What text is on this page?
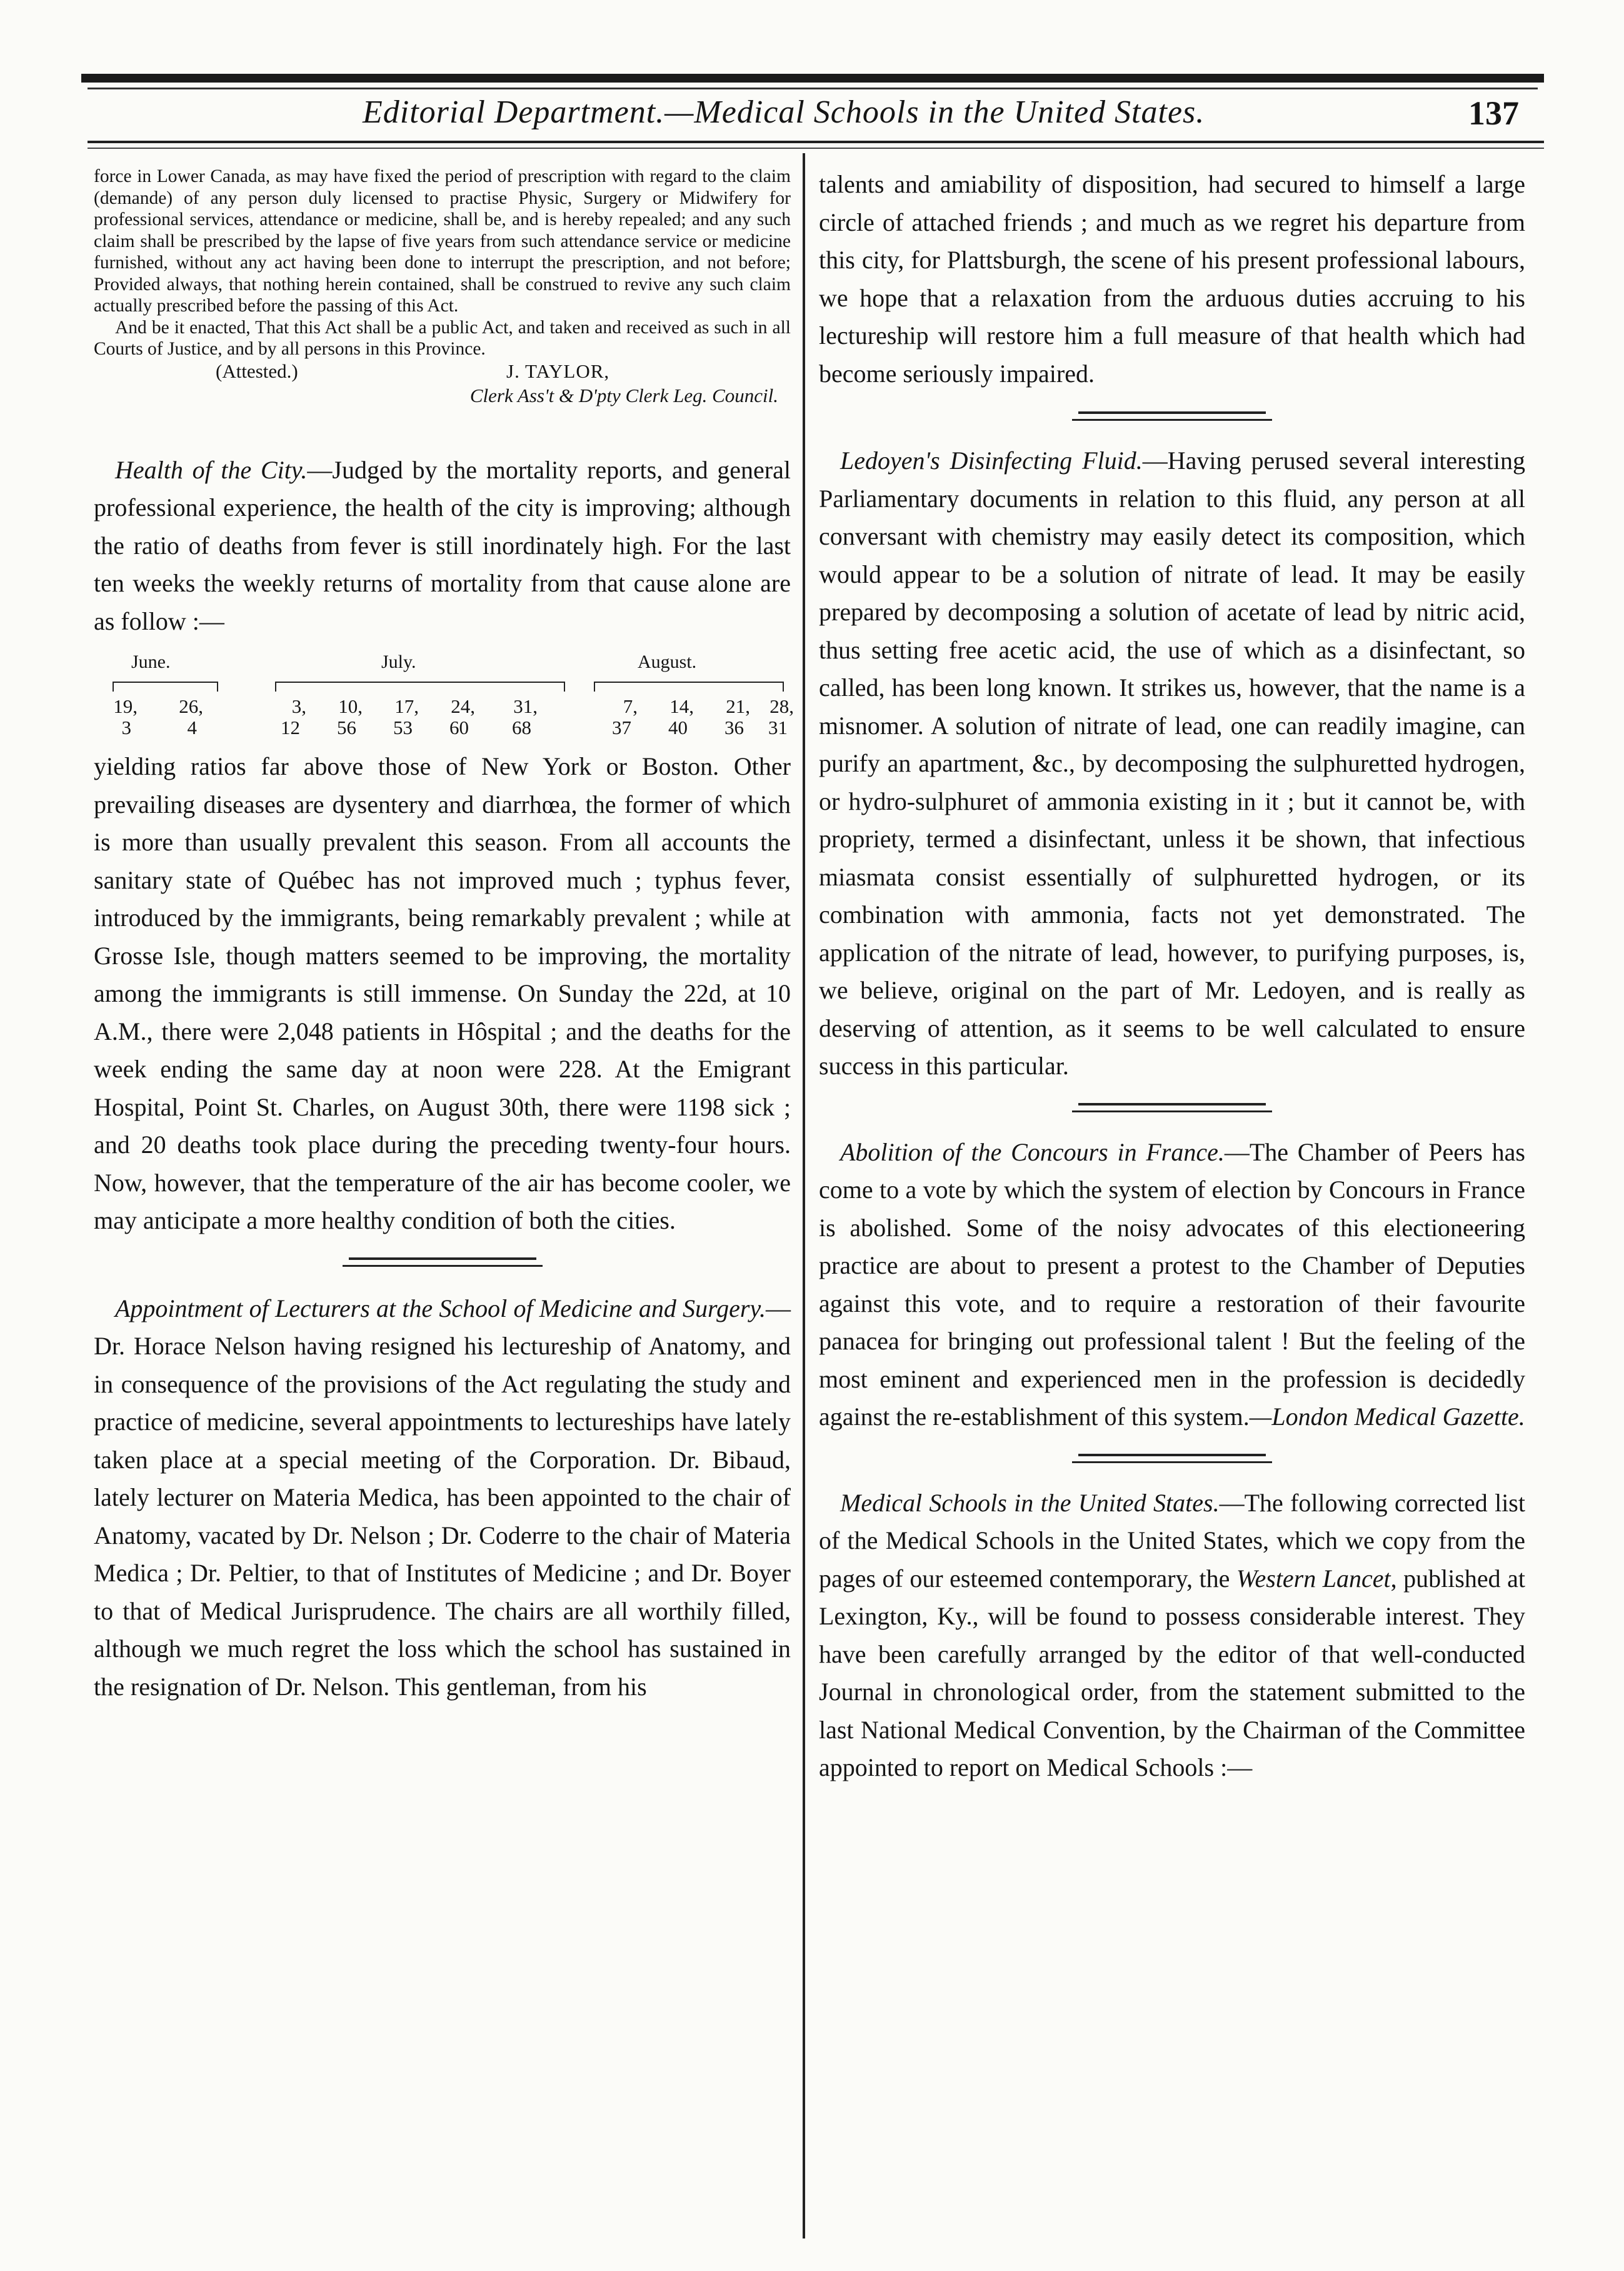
Editorial Department.—Medical Schools in the United States.	137

force in Lower Canada, as may have fixed the period of prescription with regard to the claim (demande) of any person duly licensed to practise Physic, Surgery or Midwifery for professional services, attendance or medicine, shall be, and is hereby repealed; and any such claim shall be prescribed by the lapse of five years from such attendance service or medicine furnished, without any act having been done to interrupt the prescription, and not before; Provided always, that nothing herein contained, shall be construed to revive any such claim actually prescribed before the passing of this Act.

And be it enacted, That this Act shall be a public Act, and taken and received as such in all Courts of Justice, and by all persons in this Province.

(Attested.)	J. TAYLOR,
Clerk Ass't & D'pty Clerk Leg. Council.

Health of the City.—Judged by the mortality reports, and general professional experience, the health of the city is improving; although the ratio of deaths from fever is still inordinately high. For the last ten weeks the weekly returns of mortality from that cause alone are as follow :—

June.	July.	August.
19,	26,	3,	10,	17,	24,	31,	7,	14,	21,	28,
3	4	12	56	53	60	68	37	40	36	31

yielding ratios far above those of New York or Boston. Other prevailing diseases are dysentery and diarrhœa, the former of which is more than usually prevalent this season. From all accounts the sanitary state of Québec has not improved much ; typhus fever, introduced by the immigrants, being remarkably prevalent ; while at Grosse Isle, though matters seemed to be improving, the mortality among the immigrants is still immense. On Sunday the 22d, at 10 A.M., there were 2,048 patients in Hôspital ; and the deaths for the week ending the same day at noon were 228. At the Emigrant Hospital, Point St. Charles, on August 30th, there were 1198 sick ; and 20 deaths took place during the preceding twenty-four hours. Now, however, that the temperature of the air has become cooler, we may anticipate a more healthy condition of both the cities.

Appointment of Lecturers at the School of Medicine and Surgery.—Dr. Horace Nelson having resigned his lectureship of Anatomy, and in consequence of the provisions of the Act regulating the study and practice of medicine, several appointments to lectureships have lately taken place at a special meeting of the Corporation. Dr. Bibaud, lately lecturer on Materia Medica, has been appointed to the chair of Anatomy, vacated by Dr. Nelson ; Dr. Coderre to the chair of Materia Medica ; Dr. Peltier, to that of Institutes of Medicine ; and Dr. Boyer to that of Medical Jurisprudence. The chairs are all worthily filled, although we much regret the loss which the school has sustained in the resignation of Dr. Nelson. This gentleman, from his

talents and amiability of disposition, had secured to himself a large circle of attached friends ; and much as we regret his departure from this city, for Plattsburgh, the scene of his present professional labours, we hope that a relaxation from the arduous duties accruing to his lectureship will restore him a full measure of that health which had become seriously impaired.

Ledoyen's Disinfecting Fluid.—Having perused several interesting Parliamentary documents in relation to this fluid, any person at all conversant with chemistry may easily detect its composition, which would appear to be a solution of nitrate of lead. It may be easily prepared by decomposing a solution of acetate of lead by nitric acid, thus setting free acetic acid, the use of which as a disinfectant, so called, has been long known. It strikes us, however, that the name is a misnomer. A solution of nitrate of lead, one can readily imagine, can purify an apartment, &c., by decomposing the sulphuretted hydrogen, or hydro-sulphuret of ammonia existing in it ; but it cannot be, with propriety, termed a disinfectant, unless it be shown, that infectious miasmata consist essentially of sulphuretted hydrogen, or its combination with ammonia, facts not yet demonstrated. The application of the nitrate of lead, however, to purifying purposes, is, we believe, original on the part of Mr. Ledoyen, and is really as deserving of attention, as it seems to be well calculated to ensure success in this particular.

Abolition of the Concours in France.—The Chamber of Peers has come to a vote by which the system of election by Concours in France is abolished. Some of the noisy advocates of this electioneering practice are about to present a protest to the Chamber of Deputies against this vote, and to require a restoration of their favourite panacea for bringing out professional talent ! But the feeling of the most eminent and experienced men in the profession is decidedly against the re-establishment of this system.—London Medical Gazette.

Medical Schools in the United States.—The following corrected list of the Medical Schools in the United States, which we copy from the pages of our esteemed contemporary, the Western Lancet, published at Lexington, Ky., will be found to possess considerable interest. They have been carefully arranged by the editor of that well-conducted Journal in chronological order, from the statement submitted to the last National Medical Convention, by the Chairman of the Committee appointed to report on Medical Schools :—
